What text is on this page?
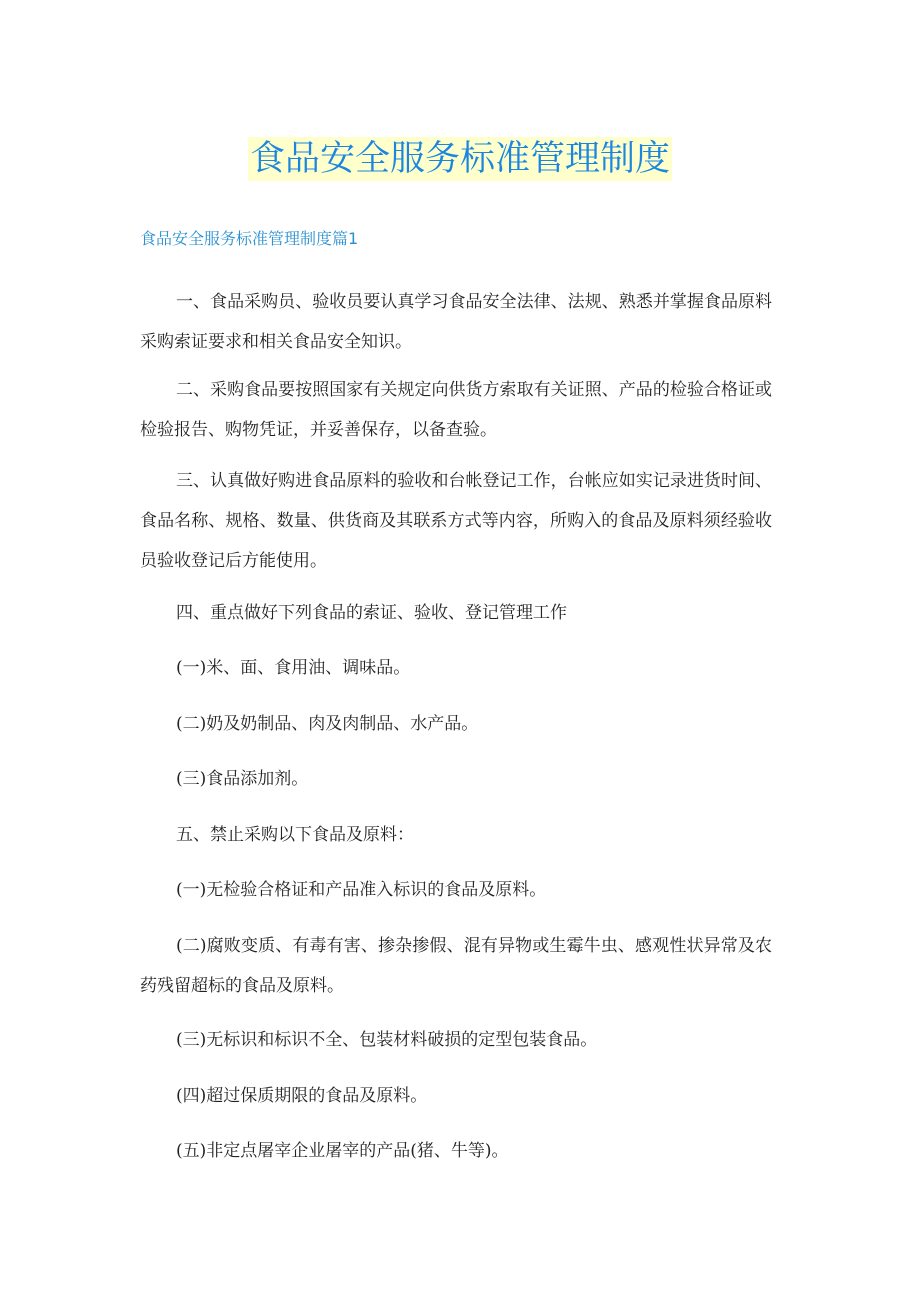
食品安全服务标准管理制度
食品安全服务标准管理制度篇1
一、食品采购员、验收员要认真学习食品安全法律、法规、熟悉并掌握食品原料采购索证要求和相关食品安全知识。
二、采购食品要按照国家有关规定向供货方索取有关证照、产品的检验合格证或检验报告、购物凭证，并妥善保存，以备查验。
三、认真做好购进食品原料的验收和台帐登记工作，台帐应如实记录进货时间、食品名称、规格、数量、供货商及其联系方式等内容，所购入的食品及原料须经验收员验收登记后方能使用。
四、重点做好下列食品的索证、验收、登记管理工作
(一)米、面、食用油、调味品。
(二)奶及奶制品、肉及肉制品、水产品。
(三)食品添加剂。
五、禁止采购以下食品及原料：
(一)无检验合格证和产品准入标识的食品及原料。
(二)腐败变质、有毒有害、掺杂掺假、混有异物或生霉牛虫、感观性状异常及农药残留超标的食品及原料。
(三)无标识和标识不全、包装材料破损的定型包装食品。
(四)超过保质期限的食品及原料。
(五)非定点屠宰企业屠宰的产品(猪、牛等)。
